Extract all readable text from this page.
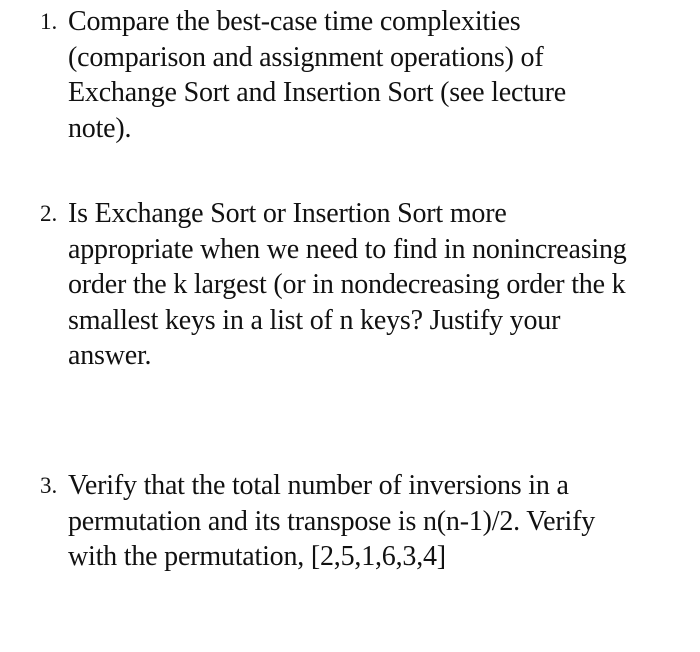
1. Compare the best-case time complexities
(comparison and assignment operations) of
Exchange Sort and Insertion Sort (see lecture
note).
2. Is Exchange Sort or Insertion Sort more
appropriate when we need to find in nonincreasing
order the k largest (or in nondecreasing order the k
smallest keys in a list of n keys? Justify your
answer.
3. Verify that the total number of inversions in a
permutation and its transpose is n(n-1)/2. Verify
with the permutation, [2,5,1,6,3,4]
